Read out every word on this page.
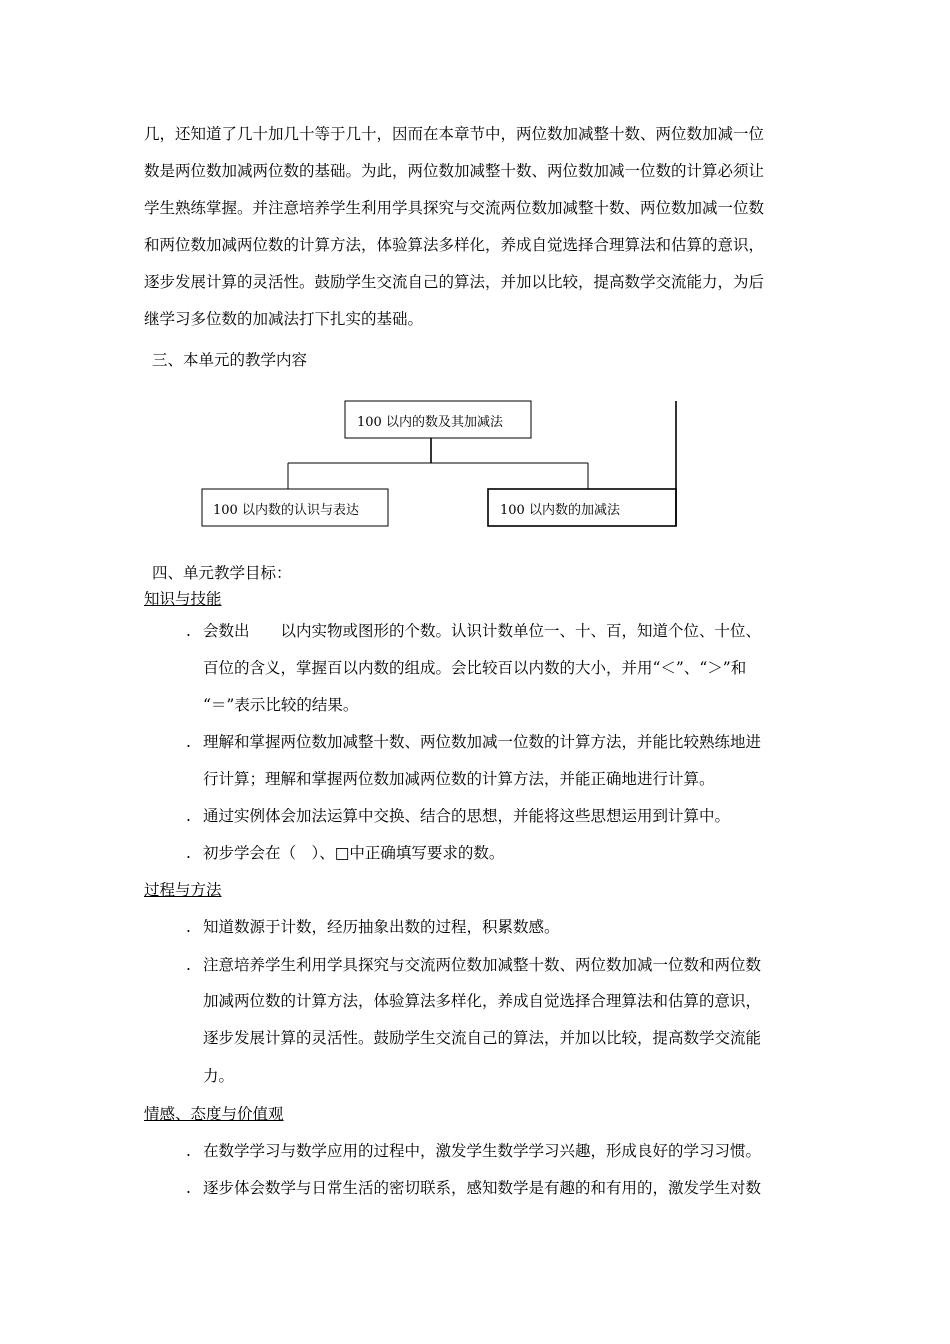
几，还知道了几十加几十等于几十，因而在本章节中，两位数加减整十数、两位数加减一位
数是两位数加减两位数的基础。为此，两位数加减整十数、两位数加减一位数的计算必须让
学生熟练掌握。并注意培养学生利用学具探究与交流两位数加减整十数、两位数加减一位数
和两位数加减两位数的计算方法，体验算法多样化，养成自觉选择合理算法和估算的意识，
逐步发展计算的灵活性。鼓励学生交流自己的算法，并加以比较，提高数学交流能力，为后
继学习多位数的加减法打下扎实的基础。
三、本单元的教学内容
100 以内的数及其加减法
100 以内数的认识与表达	100 以内数的加减法
四、单元教学目标：
知识与技能
. 会数出　　以内实物或图形的个数。认识计数单位一、十、百，知道个位、十位、
百位的含义，掌握百以内数的组成。会比较百以内数的大小，并用“＜”、“＞”和
“＝”表示比较的结果。
. 理解和掌握两位数加减整十数、两位数加减一位数的计算方法，并能比较熟练地进
行计算；理解和掌握两位数加减两位数的计算方法，并能正确地进行计算。
. 通过实例体会加法运算中交换、结合的思想，并能将这些思想运用到计算中。
. 初步学会在（　）、□中正确填写要求的数。
过程与方法
. 知道数源于计数，经历抽象出数的过程，积累数感。
. 注意培养学生利用学具探究与交流两位数加减整十数、两位数加减一位数和两位数
加减两位数的计算方法，体验算法多样化，养成自觉选择合理算法和估算的意识，
逐步发展计算的灵活性。鼓励学生交流自己的算法，并加以比较，提高数学交流能
力。
情感、态度与价值观
. 在数学学习与数学应用的过程中，激发学生数学学习兴趣，形成良好的学习习惯。
. 逐步体会数学与日常生活的密切联系，感知数学是有趣的和有用的，激发学生对数
